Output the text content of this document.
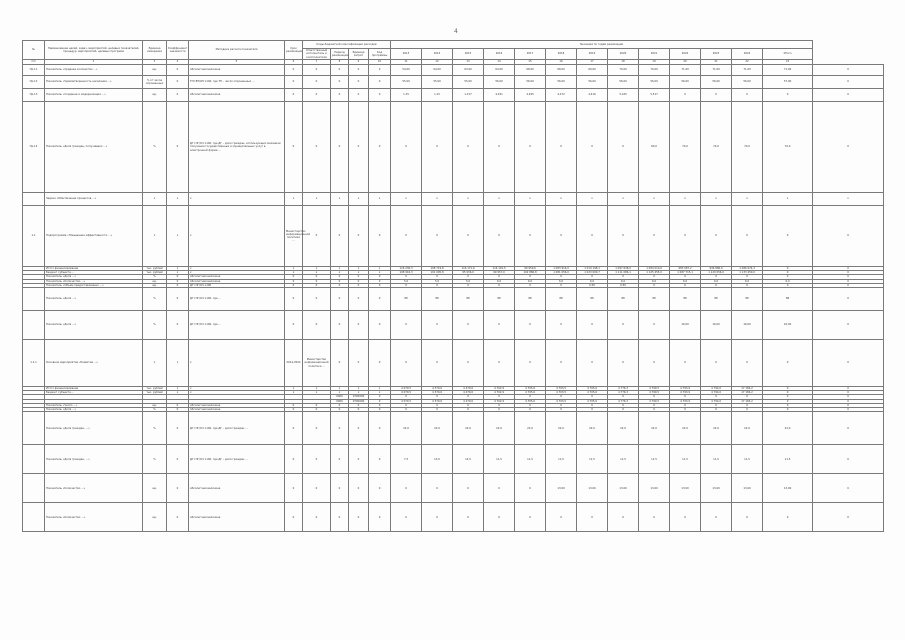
4
№	Наименование целей, задач, мероприятий, целевых показателей, процедур, мероприятий, целевых программ	Единица измерения	Коэффициент значимости	Методика расчета показателя	Срок реализации	Коды бюджетной классификации расходов				Значения по годам реализации													
						Ответственный исполнитель и соисполнители	Период реализации	Единица затрат	Код программы	2013	2014	2015	2016	2017	2018	2019	2020	2021	2022	2023	2024	Итого	
п/п	2	3	4	5	6	7	8	9	10	11	12	13	14	15	16	17	18	19	20	21	22	23	
Пр.11	Показатель «Среднее количество ...»	ед.	0	Абсолютная величина	0	0	0	0	0	54,00	64,00	63,00	64,00	68,00	68,00	69,00	70,00	70,00	71,00	71,00	71,00	71,00	0
Пр.12	Показатель «Удовлетворенность населения ...»	% от числа опрошенных	0	ТН=ВТ/ОП х100, где ТН – число опрошенных ...	0	0	0	0	0	55,00	55,00	55,00	56,00	56,00	56,00	56,00	56,00	56,00	56,00	56,00	56,00	57,00	0
Пр.13	Показатель «Создание и модернизация ...»	ед.	0	Абсолютная величина	0	0	0	0	0	1,15	1,15	1,157	4,031	4,945	4,272	4,416	5,165	5,517	0	0	0	0	0
Пр.14	Показатель «Доля граждан, получивших ...»	%	0	ДГ=ЧГ/ОЧ х100, где ДГ – доля граждан, использующих механизм получения государственных и муниципальных услуг в электронной форме ...	0	0	0	0	0	0	0	0	0	0	0	0	0	60,0	70,0	70,0	70,0	70,0	0
	Задача «Обеспечение процессов ...»	х	х	х	х	х	х	х	х	х	х	х	х	х	х	х	х	х	х	х	х	х	х
1.1	Подпрограмма «Повышение эффективности ...»	х	х	х	Министерство информационной политики ...	0	0	0	0	0	0	0	0	0	0	0	0	0	0	0	0	0	0
	Итого финансирование	тыс. рублей	х	х	х	х	х	х	х	116 236,3	108 719,8	116 171,6	116 191,5	99 959,6	1 083 916,0	1 019 198,1	1 097 638,0	1 084 010,6	983 087,2	936 886,0	1 086 674,3	0	0
	Бюджет субъекта ...	тыс. рублей	х	х	х	х	х	х	х	108 916,3	101 095,8	95 936,0	99 957,0	102 886,8	1 081 056,0	1 023 000,7	1 111 086,1	1 125 455,0	1 087 715,1	1 129 056,0	1 133 450,0	0	0
	Показатель «Доля ...»	%	0	Абсолютная величина	0	0	0	0	0	0	0	0	0	0	0	0	0	0	0	0	0	0	0
	Показатель «Количество ...»	ед.	0	Абсолютная величина	0	0	0	0	0	5,0	5,0	5,0	6,0	6,0	6,0	6,0	6,0	6,0	6,0	6,0	6,0	6,0	0
	Показатель «Объем предоставленных ...»	ед.	0	ДГ=ЧГ/ОЧ х100	0	0	0	0	0	0	0	0	0	0	0	0,50	0,50	0	0	0	0	0	0
	Показатель «Доля ...»	%	0	ДГ=ЧГ/ОЧ х100, где ...	0	0	0	0	0	88	88	88	88	88	88	88	88	88	88	88	88	88	0
	Показатель «Доля ...»	%	0	ДГ=ЧГ/ОЧ х100, где ...	0	0	0	0	0	0	0	0	0	0	0	0	0	0	16,00	16,00	16,00	16,00	0
1.1.1	Основное мероприятие «Развитие ...»	х	х	х	2014-2024	Министерство информационной политики ...	0	0	0	0	0	0	0	0	0	0	0	0	0	0	0	0	0
	Итого финансирование	тыс. рублей	х	х	х	х	х	х	х	4 070,5	4 370,6	4 479,6	4 702,9	4 705,6	4 703,5	4 705,6	4 776,3	4 790,5	4 793,9	4 794,0	17 184,2	0	0
	Бюджет субъекта ...	тыс. рублей	х	х	х	х	х	х	х	4 070,5	4 370,6	4 479,6	4 702,9	4 705,6	4 703,5	4 705,6	4 776,3	4 790,5	4 793,9	4 794,0	17 184,2	0	0
							0000	0700000	0	0	0	0	0	0	0	0	0	0	0	0	0	0	0
							0000	0700000	0	4 070,5	4 370,6	4 479,6	4 702,9	4 705,6	4 703,5	4 705,6	4 776,3	4 790,5	4 793,9	4 794,0	17 184,2	0	0
	Показатель «Число ...»	ед.	0	Абсолютная величина	0	0	0	0	0	0	0	0	0	0	0	0	0	0	0	0	0	0	0
	Показатель «Доля ...»	%	0	Абсолютная величина	0	0	0	0	0	0	0	0	0	0	0	0	0	0	0	0	0	0	0
	Показатель «Доля граждан, ...»	%	0	ДГ=ЧГ/ОЧ х100, где ДГ – доля граждан ...	0	0	0	0	0	22,0	22,0	22,0	22,0	22,0	22,0	22,0	22,0	22,0	22,0	22,0	22,0	22,0	0
	Показатель «Доля граждан, ...»	%	0	ДГ=ЧГ/ОЧ х100, где ДГ – доля граждан ...	0	0	0	0	0	7,5	13,0	12,5	11,5	11,5	11,5	11,5	11,5	11,5	11,5	11,5	11,5	11,5	0
	Показатель «Количество ...»	ед.	0	Абсолютная величина	0	0	0	0	0	0	0	0	0	0	13,00	13,00	13,00	13,00	13,00	13,00	13,00	13,00	0
	Показатель «Количество ...»	ед.	0	Абсолютная величина	0	0	0	0	0	0	0	0	0	0	0	0	0	0	0	0	0	0	0
